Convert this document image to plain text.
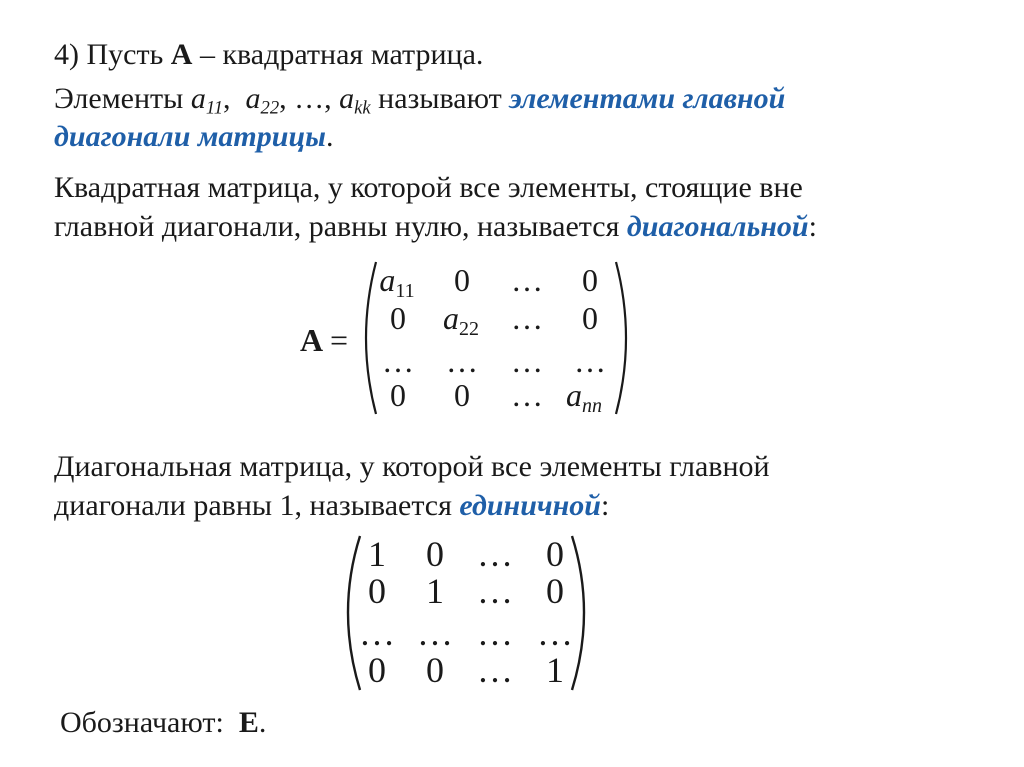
4) Пусть А – квадратная матрица.
Элементы $a_{11}$,  $a_{22}$, …, $a_{kk}$ называют элементами главной
диагонали матрицы.
Квадратная матрица, у которой все элементы, стоящие вне
главной диагонали, равны нулю, называется диагональной:
А =
a11 0 … 0
0 a22 … 0
… … … …
0 0 … ann
Диагональная матрица, у которой все элементы главной
диагонали равны 1, называется единичной:
1 0 … 0
0 1 … 0
… … … …
0 0 … 1
Обозначают: Е.
